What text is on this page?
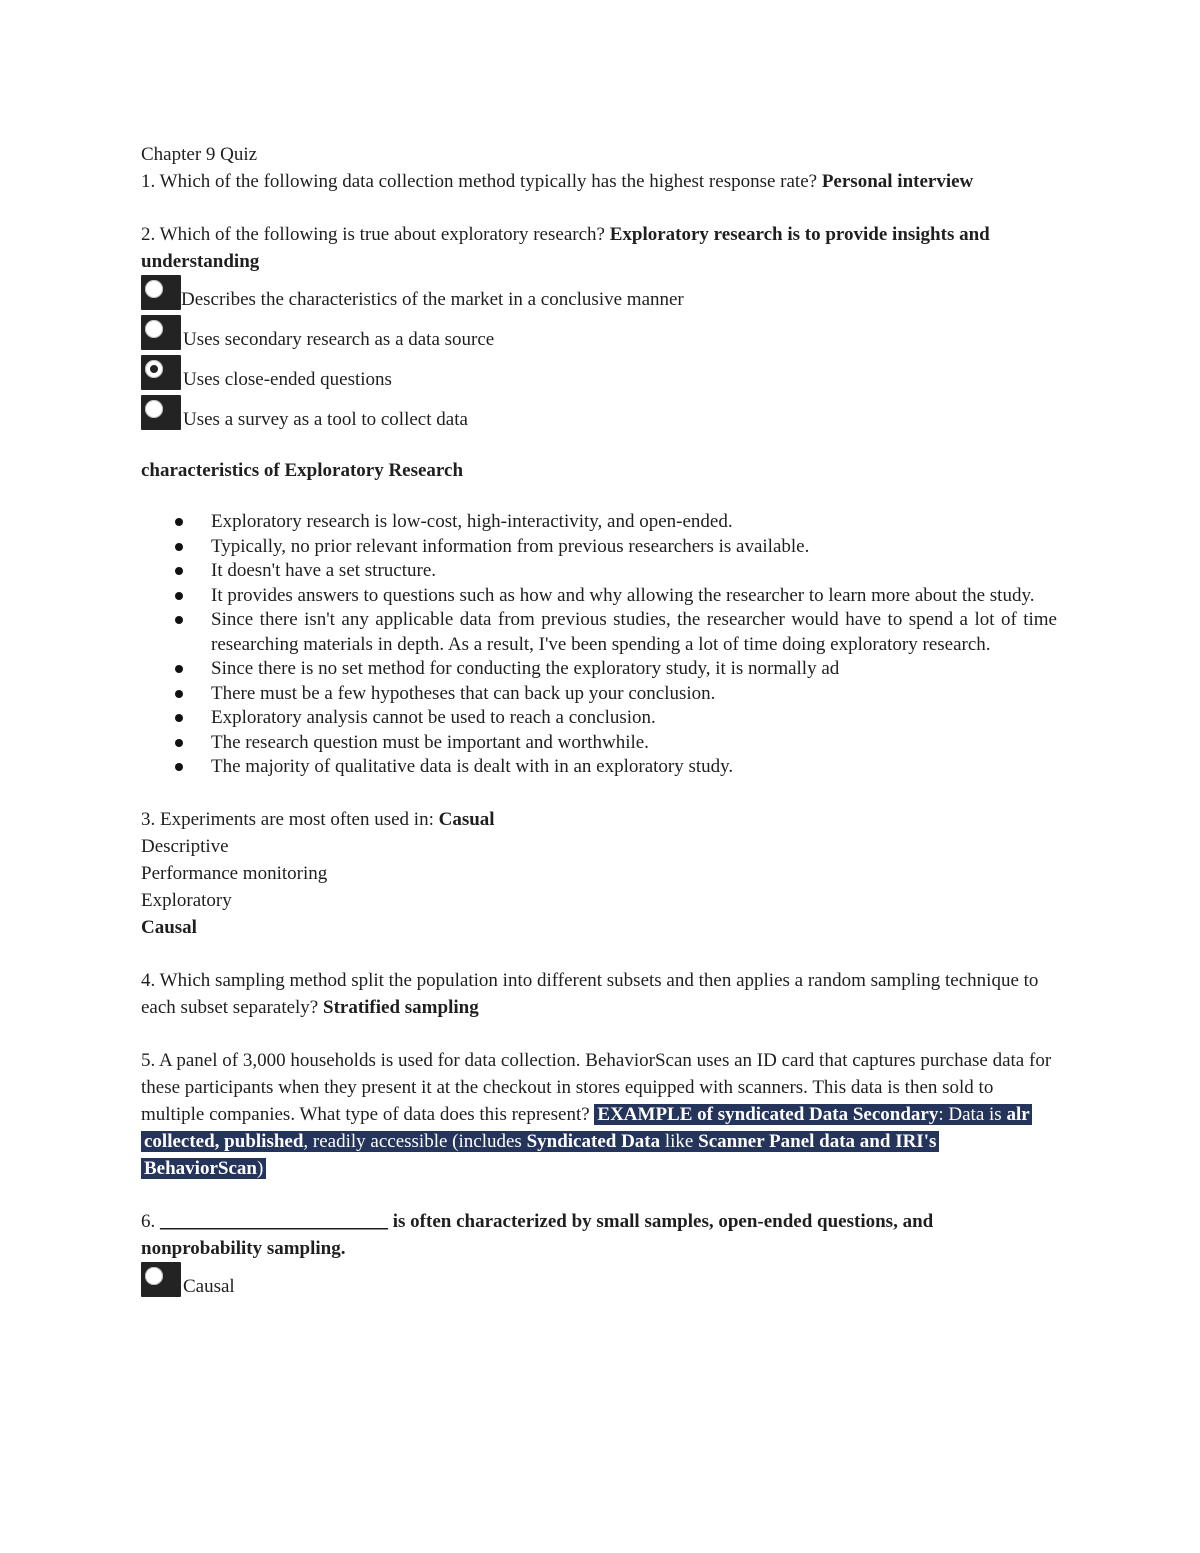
Chapter 9 Quiz
1. Which of the following data collection method typically has the highest response rate? Personal interview
2. Which of the following is true about exploratory research? Exploratory research is to provide insights and understanding
Describes the characteristics of the market in a conclusive manner
Uses secondary research as a data source
Uses close-ended questions
Uses a survey as a tool to collect data
characteristics of Exploratory Research
Exploratory research is low-cost, high-interactivity, and open-ended.
Typically, no prior relevant information from previous researchers is available.
It doesn't have a set structure.
It provides answers to questions such as how and why allowing the researcher to learn more about the study.
Since there isn't any applicable data from previous studies, the researcher would have to spend a lot of time researching materials in depth. As a result, I've been spending a lot of time doing exploratory research.
Since there is no set method for conducting the exploratory study, it is normally ad
There must be a few hypotheses that can back up your conclusion.
Exploratory analysis cannot be used to reach a conclusion.
The research question must be important and worthwhile.
The majority of qualitative data is dealt with in an exploratory study.
3. Experiments are most often used in: Casual
Descriptive
Performance monitoring
Exploratory
Causal
4. Which sampling method split the population into different subsets and then applies a random sampling technique to each subset separately? Stratified sampling
5. A panel of 3,000 households is used for data collection. BehaviorScan uses an ID card that captures purchase data for these participants when they present it at the checkout in stores equipped with scanners. This data is then sold to multiple companies. What type of data does this represent? EXAMPLE of syndicated Data Secondary: Data is alr collected, published, readily accessible (includes Syndicated Data like Scanner Panel data and IRI's BehaviorScan)
6. ________________________ is often characterized by small samples, open-ended questions, and nonprobability sampling.
Causal
